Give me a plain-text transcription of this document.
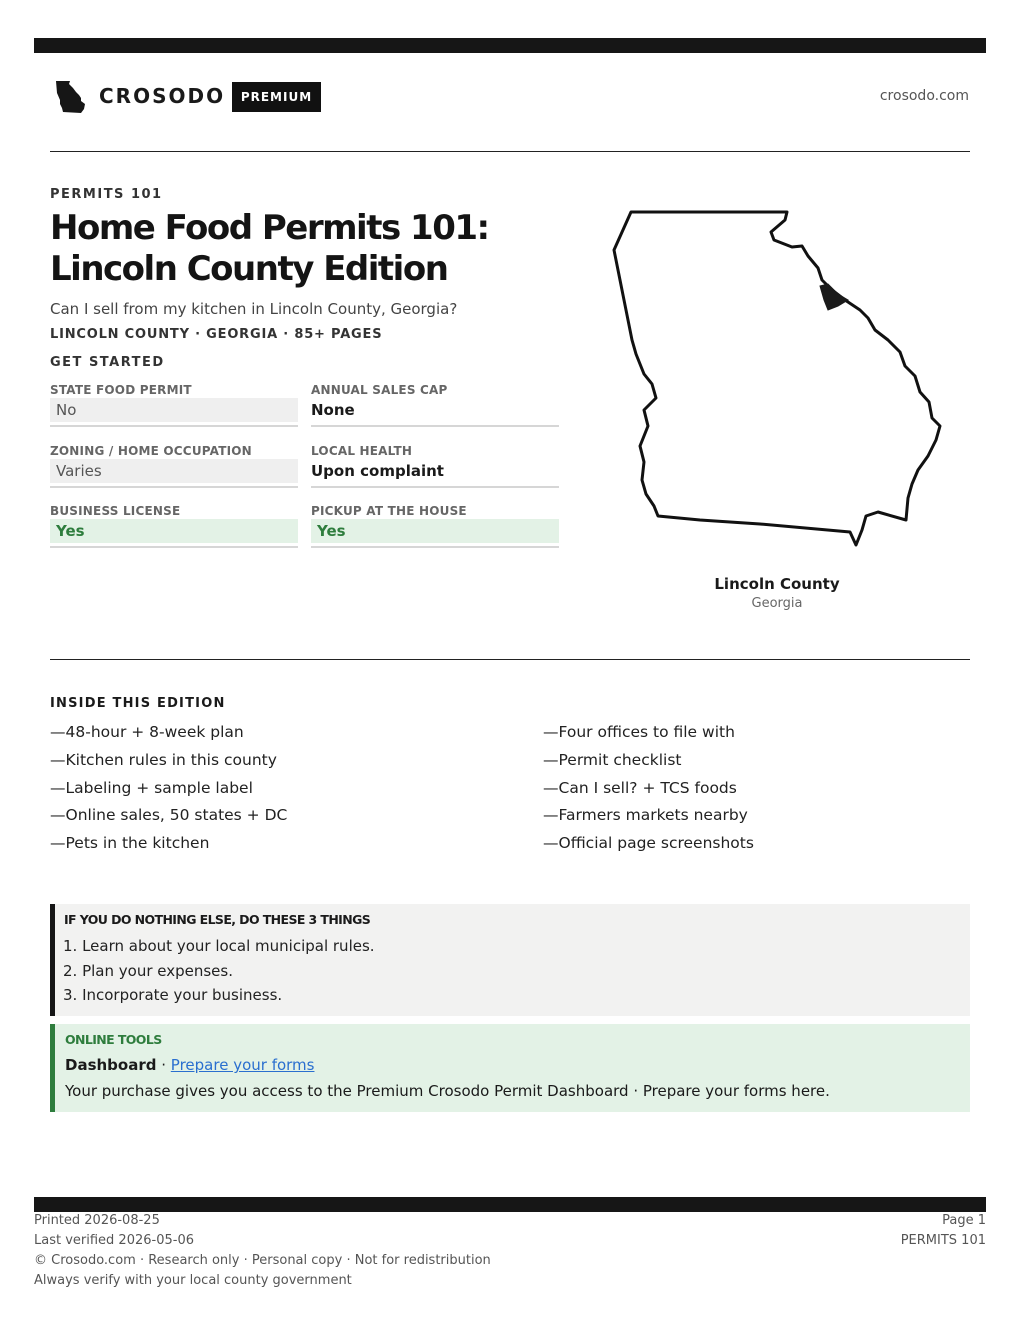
CROSODO	PREMIUM	crosodo.com
PERMITS 101
Home Food Permits 101: Lincoln County Edition
Can I sell from my kitchen in Lincoln County, Georgia?
LINCOLN COUNTY · GEORGIA · 85+ PAGES
GET STARTED
STATE FOOD PERMIT
No
ANNUAL SALES CAP
None
ZONING / HOME OCCUPATION
Varies
LOCAL HEALTH
Upon complaint
BUSINESS LICENSE
Yes
PICKUP AT THE HOUSE
Yes
Lincoln County
Georgia
INSIDE THIS EDITION
—48-hour + 8-week plan
—Kitchen rules in this county
—Labeling + sample label
—Online sales, 50 states + DC
—Pets in the kitchen
—Four offices to file with
—Permit checklist
—Can I sell? + TCS foods
—Farmers markets nearby
—Official page screenshots
IF YOU DO NOTHING ELSE, DO THESE 3 THINGS
1. Learn about your local municipal rules.
2. Plan your expenses.
3. Incorporate your business.
ONLINE TOOLS
Dashboard · Prepare your forms
Your purchase gives you access to the Premium Crosodo Permit Dashboard · Prepare your forms here.
Printed 2026-08-25
Last verified 2026-05-06
© Crosodo.com · Research only · Personal copy · Not for redistribution
Always verify with your local county government
Page 1
PERMITS 101
